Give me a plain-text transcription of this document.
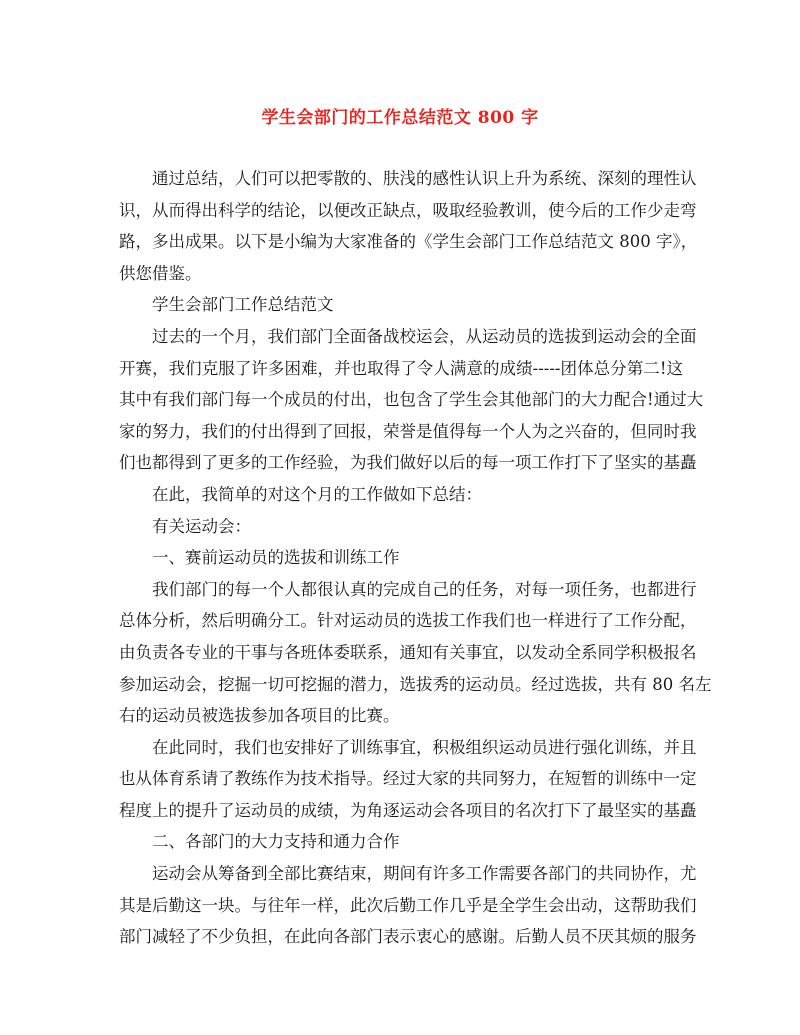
学生会部门的工作总结范文 800 字
通过总结，人们可以把零散的、肤浅的感性认识上升为系统、深刻的理性认
识，从而得出科学的结论，以便改正缺点，吸取经验教训，使今后的工作少走弯
路，多出成果。以下是小编为大家准备的《学生会部门工作总结范文 800 字》，
供您借鉴。
学生会部门工作总结范文
过去的一个月，我们部门全面备战校运会，从运动员的选拔到运动会的全面
开赛，我们克服了许多困难，并也取得了令人满意的成绩-----团体总分第二!这
其中有我们部门每一个成员的付出，也包含了学生会其他部门的大力配合!通过大
家的努力，我们的付出得到了回报，荣誉是值得每一个人为之兴奋的，但同时我
们也都得到了更多的工作经验，为我们做好以后的每一项工作打下了坚实的基矗
在此，我简单的对这个月的工作做如下总结：
有关运动会：
一、赛前运动员的选拔和训练工作
我们部门的每一个人都很认真的完成自己的任务，对每一项任务，也都进行
总体分析，然后明确分工。针对运动员的选拔工作我们也一样进行了工作分配，
由负责各专业的干事与各班体委联系，通知有关事宜，以发动全系同学积极报名
参加运动会，挖掘一切可挖掘的潜力，选拔秀的运动员。经过选拔，共有 80 名左
右的运动员被选拔参加各项目的比赛。
在此同时，我们也安排好了训练事宜，积极组织运动员进行强化训练，并且
也从体育系请了教练作为技术指导。经过大家的共同努力，在短暂的训练中一定
程度上的提升了运动员的成绩，为角逐运动会各项目的名次打下了最坚实的基矗
二、各部门的大力支持和通力合作
运动会从筹备到全部比赛结束，期间有许多工作需要各部门的共同协作，尤
其是后勤这一块。与往年一样，此次后勤工作几乎是全学生会出动，这帮助我们
部门减轻了不少负担，在此向各部门表示衷心的感谢。后勤人员不厌其烦的服务
